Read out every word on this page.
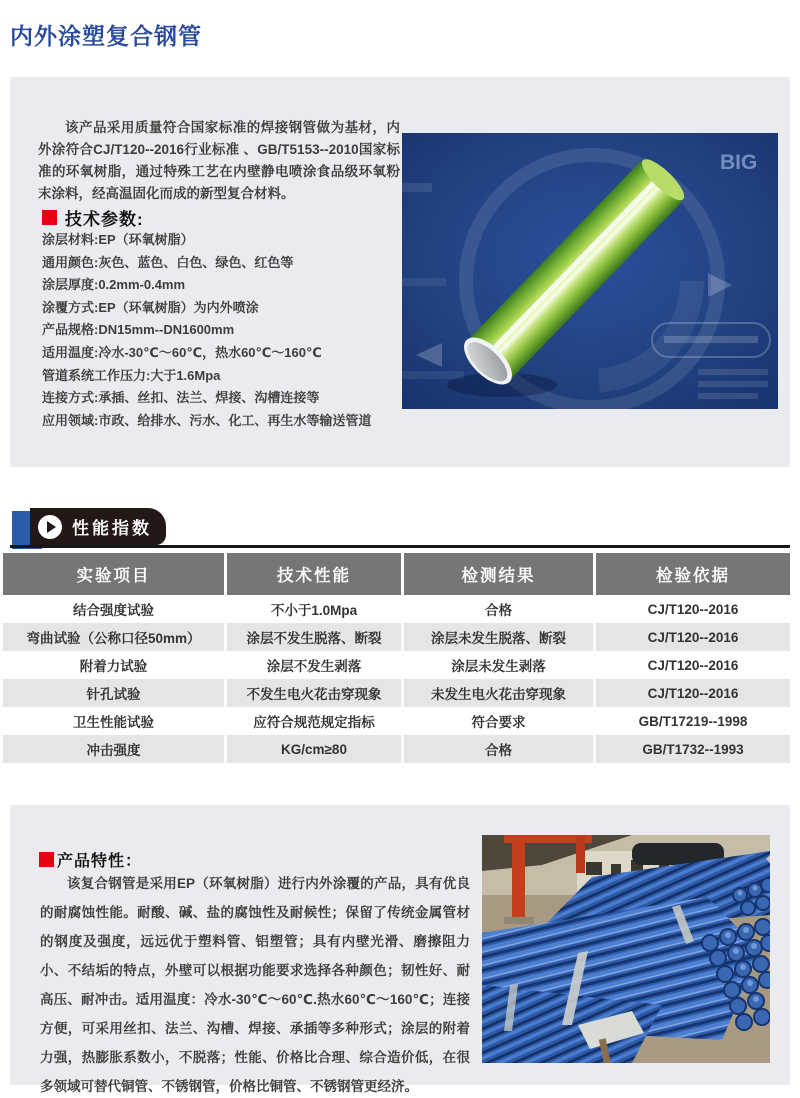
内外涂塑复合钢管
该产品采用质量符合国家标准的焊接钢管做为基材，内外涂符合CJ/T120--2016行业标准 、GB/T5153--2010国家标准的环氧树脂，通过特殊工艺在内壁静电喷涂食品级环氧粉末涂料，经高温固化而成的新型复合材料。
技术参数:
涂层材料:EP（环氧树脂）
通用颜色:灰色、蓝色、白色、绿色、红色等
涂层厚度:0.2mm-0.4mm
涂覆方式:EP（环氧树脂）为内外喷涂
产品规格:DN15mm--DN1600mm
适用温度:冷水-30℃～60℃，热水60℃～160℃
管道系统工作压力:大于1.6Mpa
连接方式:承插、丝扣、法兰、焊接、沟槽连接等
应用领域:市政、给排水、污水、化工、再生水等输送管道
BIG
性能指数
实验项目	技术性能	检测结果	检验依据
结合强度试验	不小于1.0Mpa	合格	CJ/T120--2016
弯曲试验（公称口径50mm）	涂层不发生脱落、断裂	涂层未发生脱落、断裂	CJ/T120--2016
附着力试验	涂层不发生剥落	涂层未发生剥落	CJ/T120--2016
针孔试验	不发生电火花击穿现象	未发生电火花击穿现象	CJ/T120--2016
卫生性能试验	应符合规范规定指标	符合要求	GB/T17219--1998
冲击强度	KG/cm≥80	合格	GB/T1732--1993
产品特性：
该复合钢管是采用EP（环氧树脂）进行内外涂覆的产品，具有优良的耐腐蚀性能。耐酸、碱、盐的腐蚀性及耐候性；保留了传统金属管材的钢度及强度，远远优于塑料管、铝塑管；具有内壁光滑、磨擦阻力小、不结垢的特点，外壁可以根据功能要求选择各种颜色；韧性好、耐高压、耐冲击。适用温度：冷水-30℃～60℃.热水60℃～160℃；连接方便，可采用丝扣、法兰、沟槽、焊接、承插等多种形式；涂层的附着力强，热膨胀系数小，不脱落；性能、价格比合理、综合造价低，在很多领域可替代铜管、不锈钢管，价格比铜管、不锈钢管更经济。
